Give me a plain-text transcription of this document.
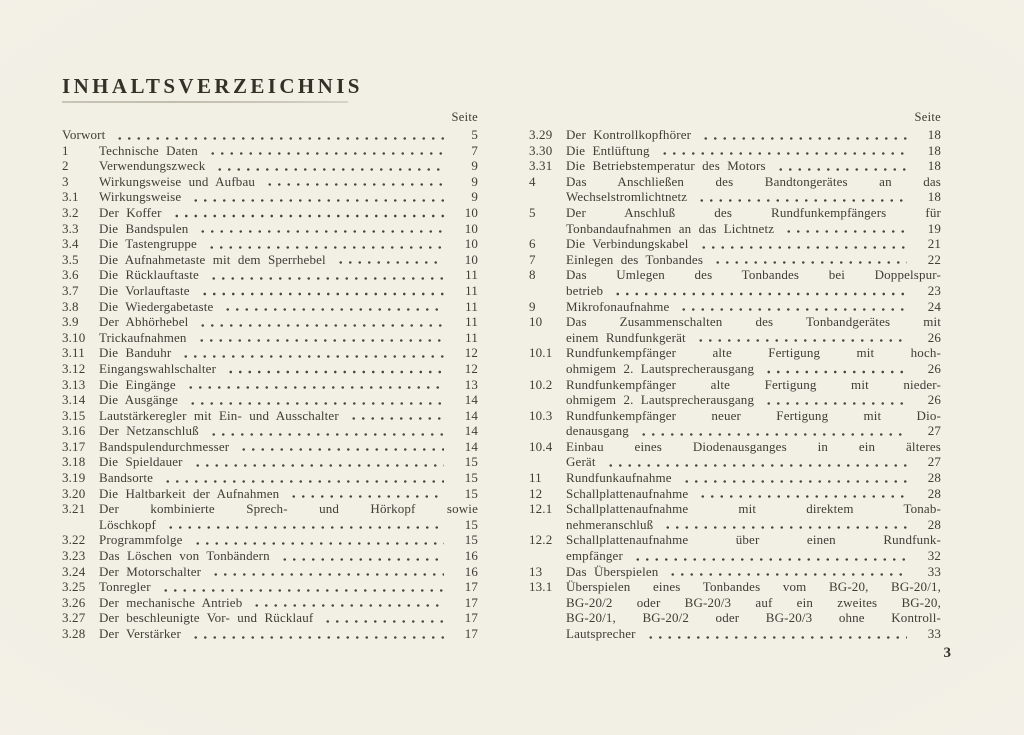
INHALTSVERZEICHNIS
Seite	Seite
Vorwort	5
1	Technische Daten	7
2	Verwendungszweck	9
3	Wirkungsweise und Aufbau	9
3.1	Wirkungsweise	9
3.2	Der Koffer	10
3.3	Die Bandspulen	10
3.4	Die Tastengruppe	10
3.5	Die Aufnahmetaste mit dem Sperrhebel	10
3.6	Die Rücklauftaste	11
3.7	Die Vorlauftaste	11
3.8	Die Wiedergabetaste	11
3.9	Der Abhörhebel	11
3.10	Trickaufnahmen	11
3.11	Die Banduhr	12
3.12	Eingangswahlschalter	12
3.13	Die Eingänge	13
3.14	Die Ausgänge	14
3.15	Lautstärkeregler mit Ein- und Ausschalter	14
3.16	Der Netzanschluß	14
3.17	Bandspulendurchmesser	14
3.18	Die Spieldauer	15
3.19	Bandsorte	15
3.20	Die Haltbarkeit der Aufnahmen	15
3.21	Der kombinierte Sprech- und Hörkopf sowie
Löschkopf	15
3.22	Programmfolge	15
3.23	Das Löschen von Tonbändern	16
3.24	Der Motorschalter	16
3.25	Tonregler	17
3.26	Der mechanische Antrieb	17
3.27	Der beschleunigte Vor- und Rücklauf	17
3.28	Der Verstärker	17
3.29	Der Kontrollkopfhörer	18
3.30	Die Entlüftung	18
3.31	Die Betriebstemperatur des Motors	18
4	Das Anschließen des Bandtongerätes an das
Wechselstromlichtnetz	18
5	Der Anschluß des Rundfunkempfängers für
Tonbandaufnahmen an das Lichtnetz	19
6	Die Verbindungskabel	21
7	Einlegen des Tonbandes	22
8	Das Umlegen des Tonbandes bei Doppelspur-
betrieb	23
9	Mikrofonaufnahme	24
10	Das Zusammenschalten des Tonbandgerätes mit
einem Rundfunkgerät	26
10.1	Rundfunkempfänger alte Fertigung mit hoch-
ohmigem 2. Lautsprecherausgang	26
10.2	Rundfunkempfänger alte Fertigung mit nieder-
ohmigem 2. Lautsprecherausgang	26
10.3	Rundfunkempfänger neuer Fertigung mit Dio-
denausgang	27
10.4	Einbau eines Diodenausganges in ein älteres
Gerät	27
11	Rundfunkaufnahme	28
12	Schallplattenaufnahme	28
12.1	Schallplattenaufnahme mit direktem Tonab-
nehmeranschluß	28
12.2	Schallplattenaufnahme über einen Rundfunk-
empfänger	32
13	Das Überspielen	33
13.1	Überspielen eines Tonbandes vom BG-20, BG-20/1,
BG-20/2 oder BG-20/3 auf ein zweites BG-20,
BG-20/1, BG-20/2 oder BG-20/3 ohne Kontroll-
Lautsprecher	33
3
